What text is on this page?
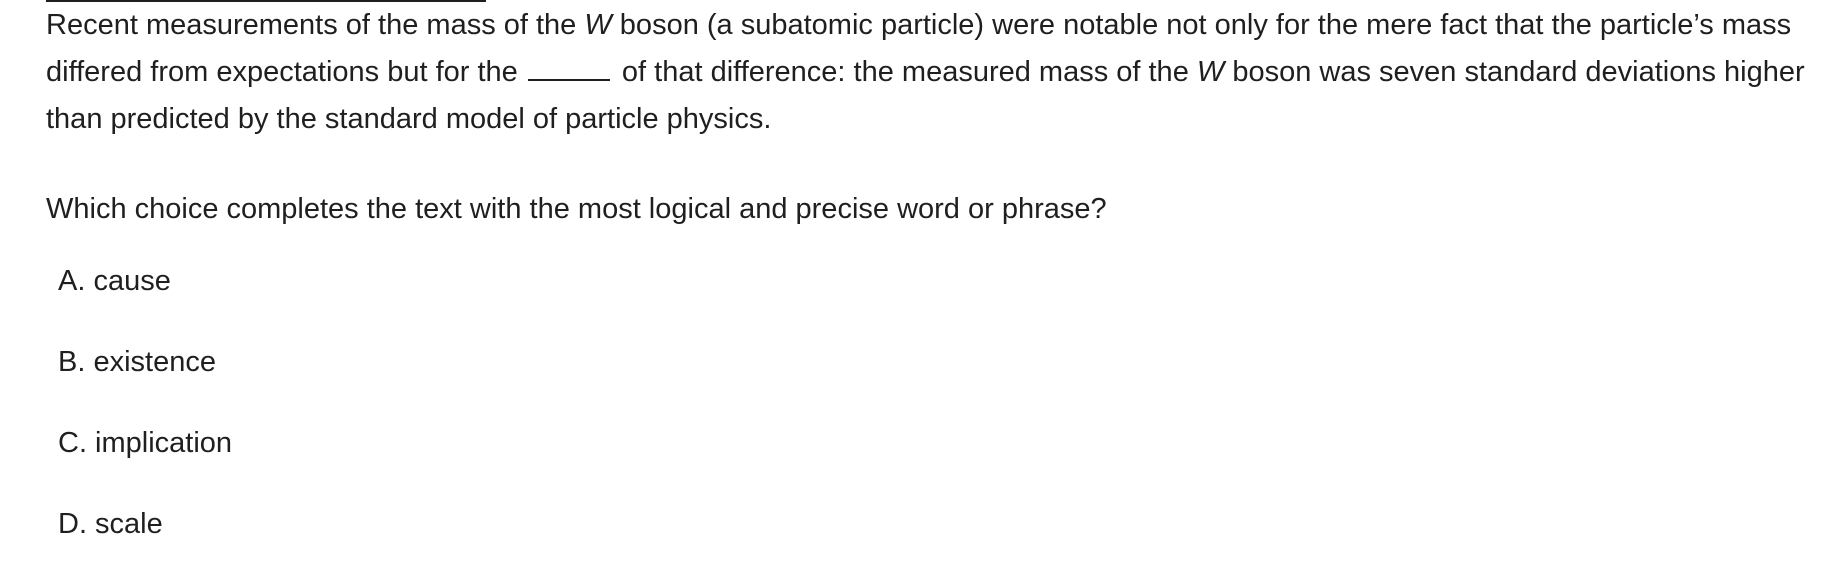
Recent measurements of the mass of the W boson (a subatomic particle) were notable not only for the mere fact that the particle’s mass differed from expectations but for the	of that difference: the measured mass of the W boson was seven standard deviations higher than predicted by the standard model of particle physics.

Which choice completes the text with the most logical and precise word or phrase?

A. cause
B. existence
C. implication
D. scale
